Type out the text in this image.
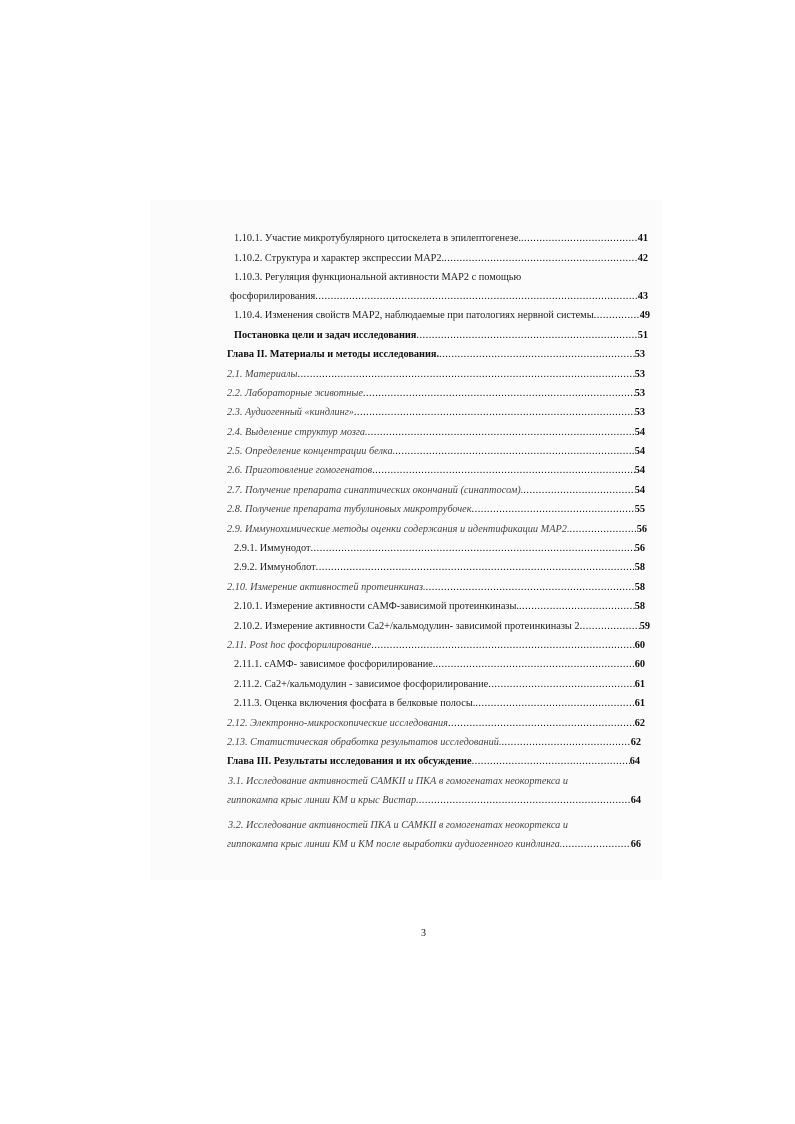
1.10.1. Участие микротубулярного цитоскелета в эпилептогенезе. .....	41
1.10.2. Структура и характер экспрессии МАР2. .....	42
1.10.3. Регуляция функциональной активности МАР2 с помощью
фосфорилирования .....	43
1.10.4. Изменения свойств МАР2, наблюдаемые при патологиях нервной системы .....	49
Постановка цели и задач исследования .....	51
Глава II. Материалы и методы исследования. .....	53
2.1. Материалы .....	53
2.2. Лабораторные животные .....	53
2.3. Аудиогенный «киндлинг» .....	53
2.4. Выделение структур мозга. .....	54
2.5. Определение концентрации белка. .....	54
2.6. Приготовление гомогенатов .....	54
2.7. Получение препарата синаптических окончаний (синаптосом). .....	54
2.8. Получение препарата тубулиновых микротрубочек .....	55
2.9. Иммунохимические методы оценки содержания и идентификации МАР2. .....	56
2.9.1. Иммунодот .....	56
2.9.2. Иммуноблот .....	58
2.10. Измерение активностей протеинкиназ. .....	58
2.10.1. Измерение активности cАМФ-зависимой протеинкиназы. .....	58
2.10.2. Измерение активности Са2+/кальмодулин- зависимой протеинкиназы 2 .....	59
2.11. Post hoc фосфорилирование .....	60
2.11.1. cАМФ- зависимое фосфорилирование. .....	60
2.11.2. Са2+/кальмодулин - зависимое фосфорилирование .....	61
2.11.3. Оценка включения фосфата в белковые полосы. .....	61
2.12. Электронно-микроскопические исследования .....	62
2.13. Статистическая обработка результатов исследований. .....	62
Глава III. Результаты исследования и их обсуждение .....	64
3.1. Исследование активностей САМКII и ПКА в гомогенатах неокортекса и
гиппокампа крыс линии КМ и крыс Вистар. .....	64
3.2. Исследование активностей ПКА и САМКII в гомогенатах неокортекса и
гиппокампа крыс линии КМ и КМ после выработки аудиогенного киндлинга. .....	66
3
